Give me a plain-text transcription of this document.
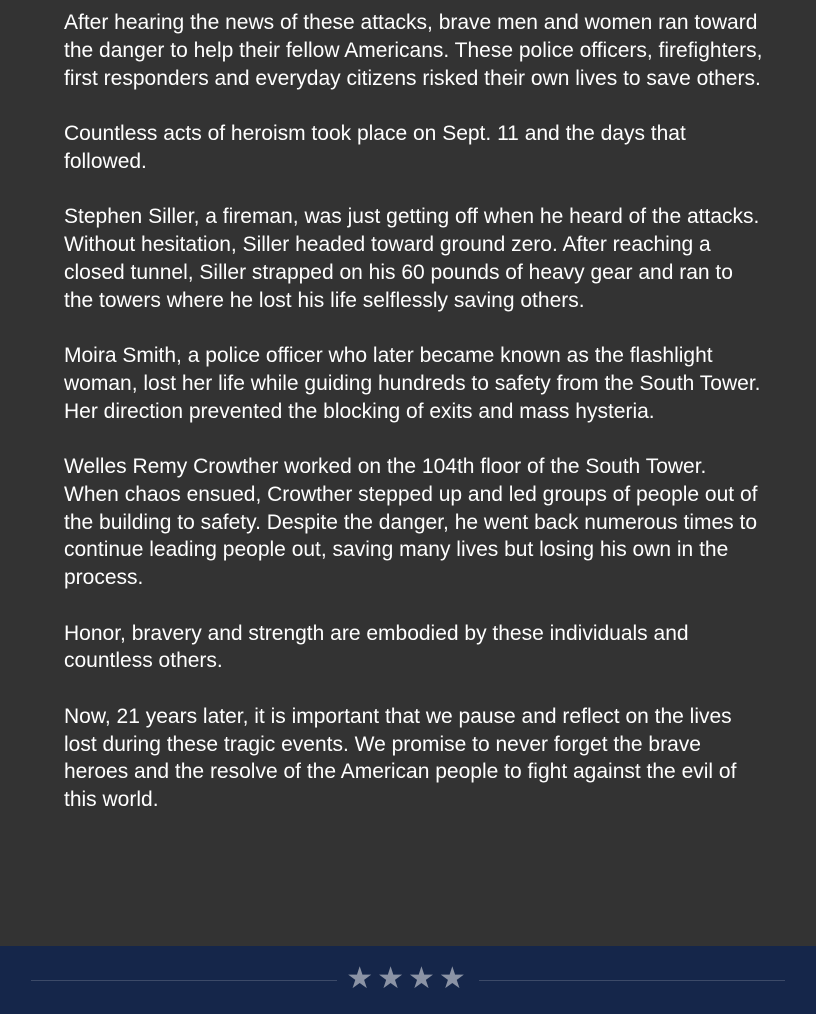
After hearing the news of these attacks, brave men and women ran toward the danger to help their fellow Americans. These police officers, firefighters, first responders and everyday citizens risked their own lives to save others.

Countless acts of heroism took place on Sept. 11 and the days that followed.

Stephen Siller, a fireman, was just getting off when he heard of the attacks. Without hesitation, Siller headed toward ground zero. After reaching a closed tunnel, Siller strapped on his 60 pounds of heavy gear and ran to the towers where he lost his life selflessly saving others.

Moira Smith, a police officer who later became known as the flashlight woman, lost her life while guiding hundreds to safety from the South Tower. Her direction prevented the blocking of exits and mass hysteria.

Welles Remy Crowther worked on the 104th floor of the South Tower. When chaos ensued, Crowther stepped up and led groups of people out of the building to safety. Despite the danger, he went back numerous times to continue leading people out, saving many lives but losing his own in the process.

Honor, bravery and strength are embodied by these individuals and countless others.

Now, 21 years later, it is important that we pause and reflect on the lives lost during these tragic events. We promise to never forget the brave heroes and the resolve of the American people to fight against the evil of this world.

★★★★
